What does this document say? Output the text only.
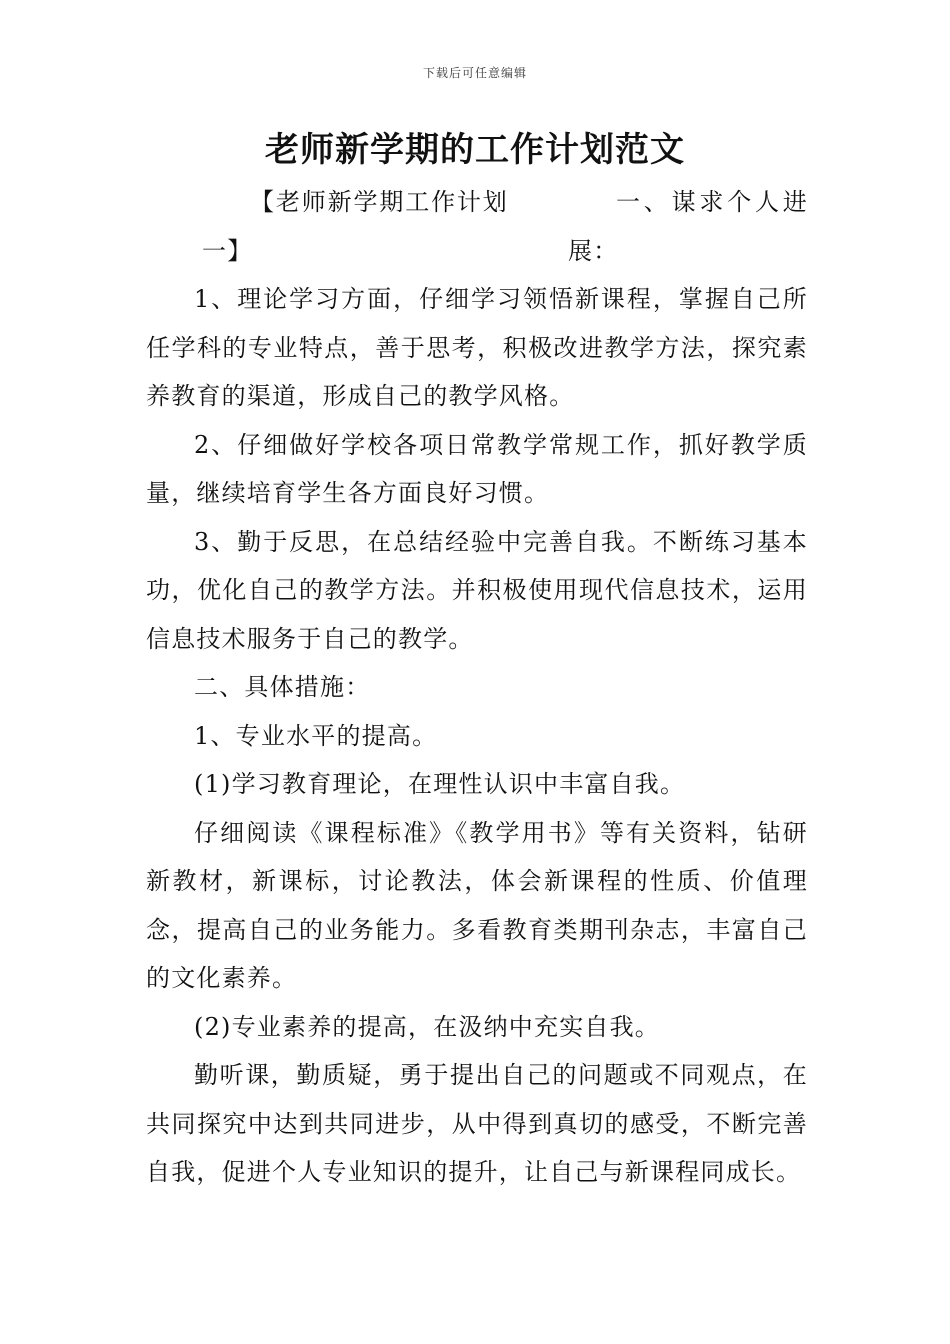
下载后可任意编辑
老师新学期的工作计划范文

【老师新学期工作计划一】
一、谋求个人进展：

1、理论学习方面，仔细学习领悟新课程，掌握自己所任学科的专业特点，善于思考，积极改进教学方法，探究素养教育的渠道，形成自己的教学风格。

2、仔细做好学校各项日常教学常规工作，抓好教学质量，继续培育学生各方面良好习惯。

3、勤于反思，在总结经验中完善自我。不断练习基本功，优化自己的教学方法。并积极使用现代信息技术，运用信息技术服务于自己的教学。

二、具体措施：

1、专业水平的提高。

(1)学习教育理论，在理性认识中丰富自我。

仔细阅读《课程标准》《教学用书》等有关资料，钻研新教材，新课标，讨论教法，体会新课程的性质、价值理念，提高自己的业务能力。多看教育类期刊杂志，丰富自己的文化素养。

(2)专业素养的提高，在汲纳中充实自我。

勤听课，勤质疑，勇于提出自己的问题或不同观点，在共同探究中达到共同进步，从中得到真切的感受，不断完善自我，促进个人专业知识的提升，让自己与新课程同成长。
